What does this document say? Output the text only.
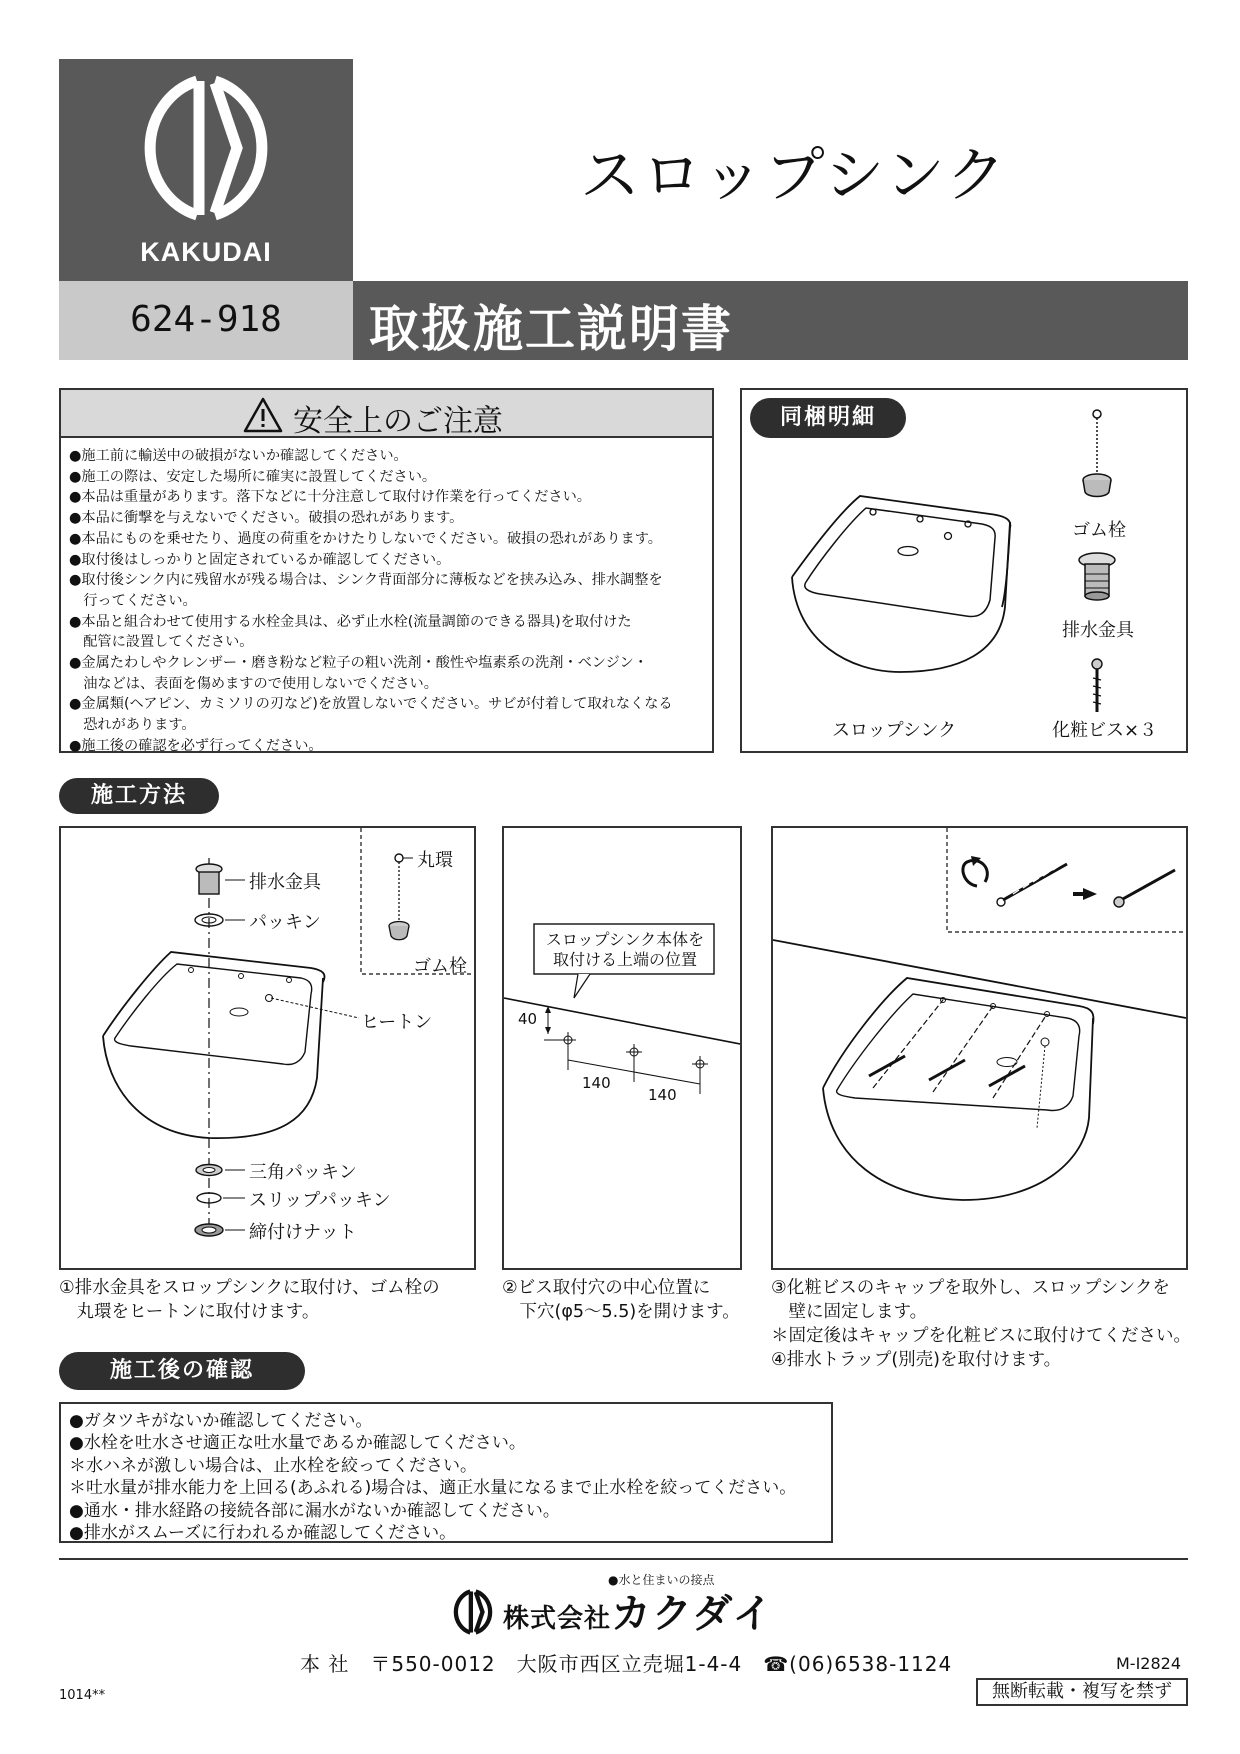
KAKUDAI
624-918	取扱施工説明書
スロップシンク
安全上のご注意
●施工前に輸送中の破損がないか確認してください。
●施工の際は、安定した場所に確実に設置してください。
●本品は重量があります。落下などに十分注意して取付け作業を行ってください。
●本品に衝撃を与えないでください。破損の恐れがあります。
●本品にものを乗せたり、過度の荷重をかけたりしないでください。破損の恐れがあります。
●取付後はしっかりと固定されているか確認してください。
●取付後シンク内に残留水が残る場合は、シンク背面部分に薄板などを挟み込み、排水調整を
　行ってください。
●本品と組合わせて使用する水栓金具は、必ず止水栓(流量調節のできる器具)を取付けた
　配管に設置してください。
●金属たわしやクレンザー・磨き粉など粒子の粗い洗剤・酸性や塩素系の洗剤・ベンジン・
　油などは、表面を傷めますので使用しないでください。
●金属類(ヘアピン、カミソリの刃など)を放置しないでください。サビが付着して取れなくなる
　恐れがあります。
●施工後の確認を必ず行ってください。
同梱明細
ゴム栓
排水金具
スロップシンク	化粧ビス×３
施工方法
排水金具
パッキン
丸環
ゴム栓
ヒートン
三角パッキン
スリップパッキン
締付けナット
スロップシンク本体を
取付ける上端の位置
40
140
140
①排水金具をスロップシンクに取付け、ゴム栓の
　丸環をヒートンに取付けます。
②ビス取付穴の中心位置に
　下穴(φ5〜5.5)を開けます。
③化粧ビスのキャップを取外し、スロップシンクを
　壁に固定します。
＊固定後はキャップを化粧ビスに取付けてください。
④排水トラップ(別売)を取付けます。
施工後の確認
●ガタツキがないか確認してください。
●水栓を吐水させ適正な吐水量であるか確認してください。
＊水ハネが激しい場合は、止水栓を絞ってください。
＊吐水量が排水能力を上回る(あふれる)場合は、適正水量になるまで止水栓を絞ってください。
●通水・排水経路の接続各部に漏水がないか確認してください。
●排水がスムーズに行われるか確認してください。
●水と住まいの接点
株式会社カクダイ
本 社　〒550-0012　大阪市西区立売堀1-4-4　☎(06)6538-1124	M-I2824
無断転載・複写を禁ず
1014**
